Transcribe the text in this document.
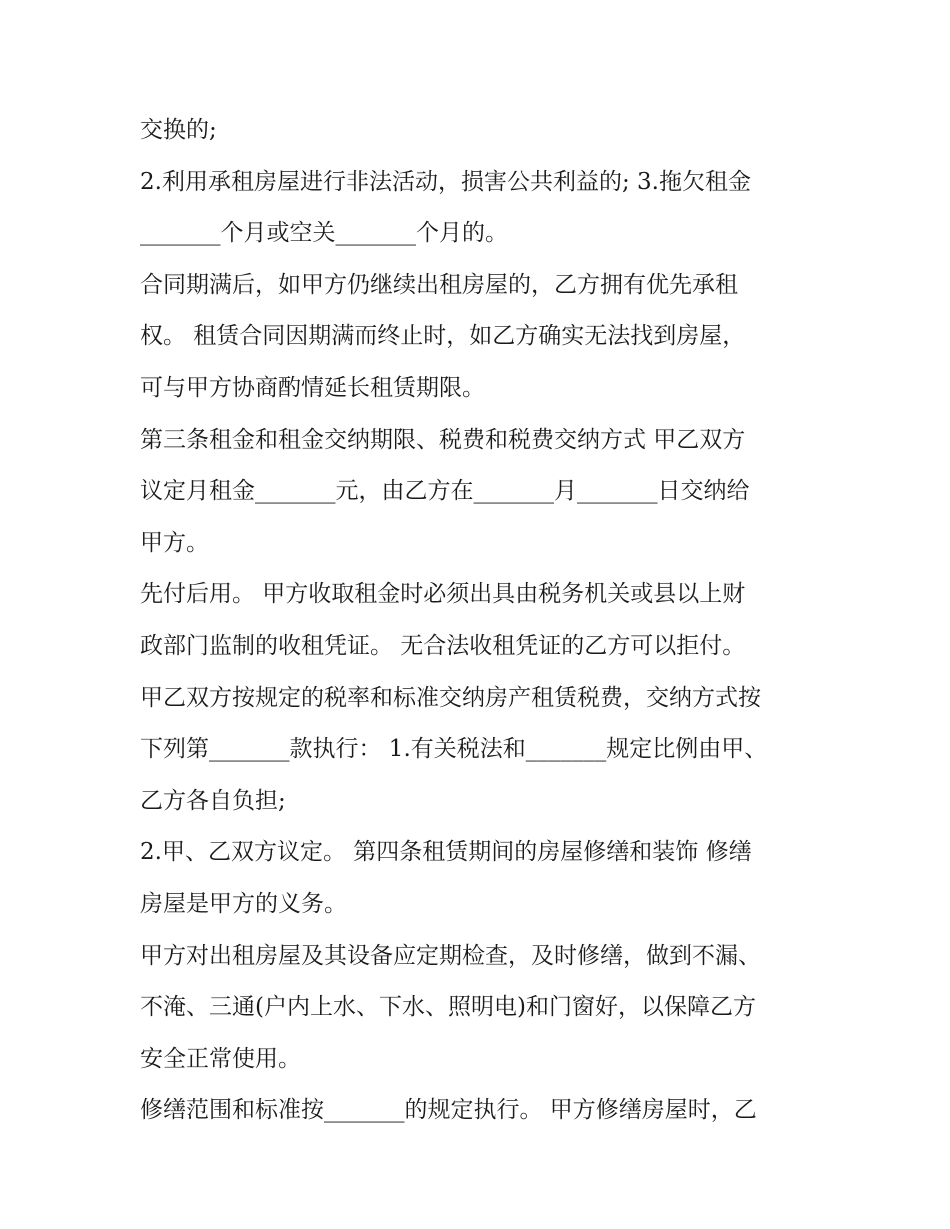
交换的;
2.利用承租房屋进行非法活动，损害公共利益的; 3.拖欠租金
_______个月或空关_______个月的。
合同期满后，如甲方仍继续出租房屋的，乙方拥有优先承租
权。 租赁合同因期满而终止时，如乙方确实无法找到房屋，
可与甲方协商酌情延长租赁期限。
第三条租金和租金交纳期限、税费和税费交纳方式 甲乙双方
议定月租金_______元，由乙方在_______月_______日交纳给
甲方。
先付后用。 甲方收取租金时必须出具由税务机关或县以上财
政部门监制的收租凭证。 无合法收租凭证的乙方可以拒付。
甲乙双方按规定的税率和标准交纳房产租赁税费，交纳方式按
下列第_______款执行： 1.有关税法和_______规定比例由甲、
乙方各自负担;
2.甲、乙双方议定。 第四条租赁期间的房屋修缮和装饰 修缮
房屋是甲方的义务。
甲方对出租房屋及其设备应定期检查，及时修缮，做到不漏、
不淹、三通(户内上水、下水、照明电)和门窗好，以保障乙方
安全正常使用。
修缮范围和标准按_______的规定执行。 甲方修缮房屋时，乙
